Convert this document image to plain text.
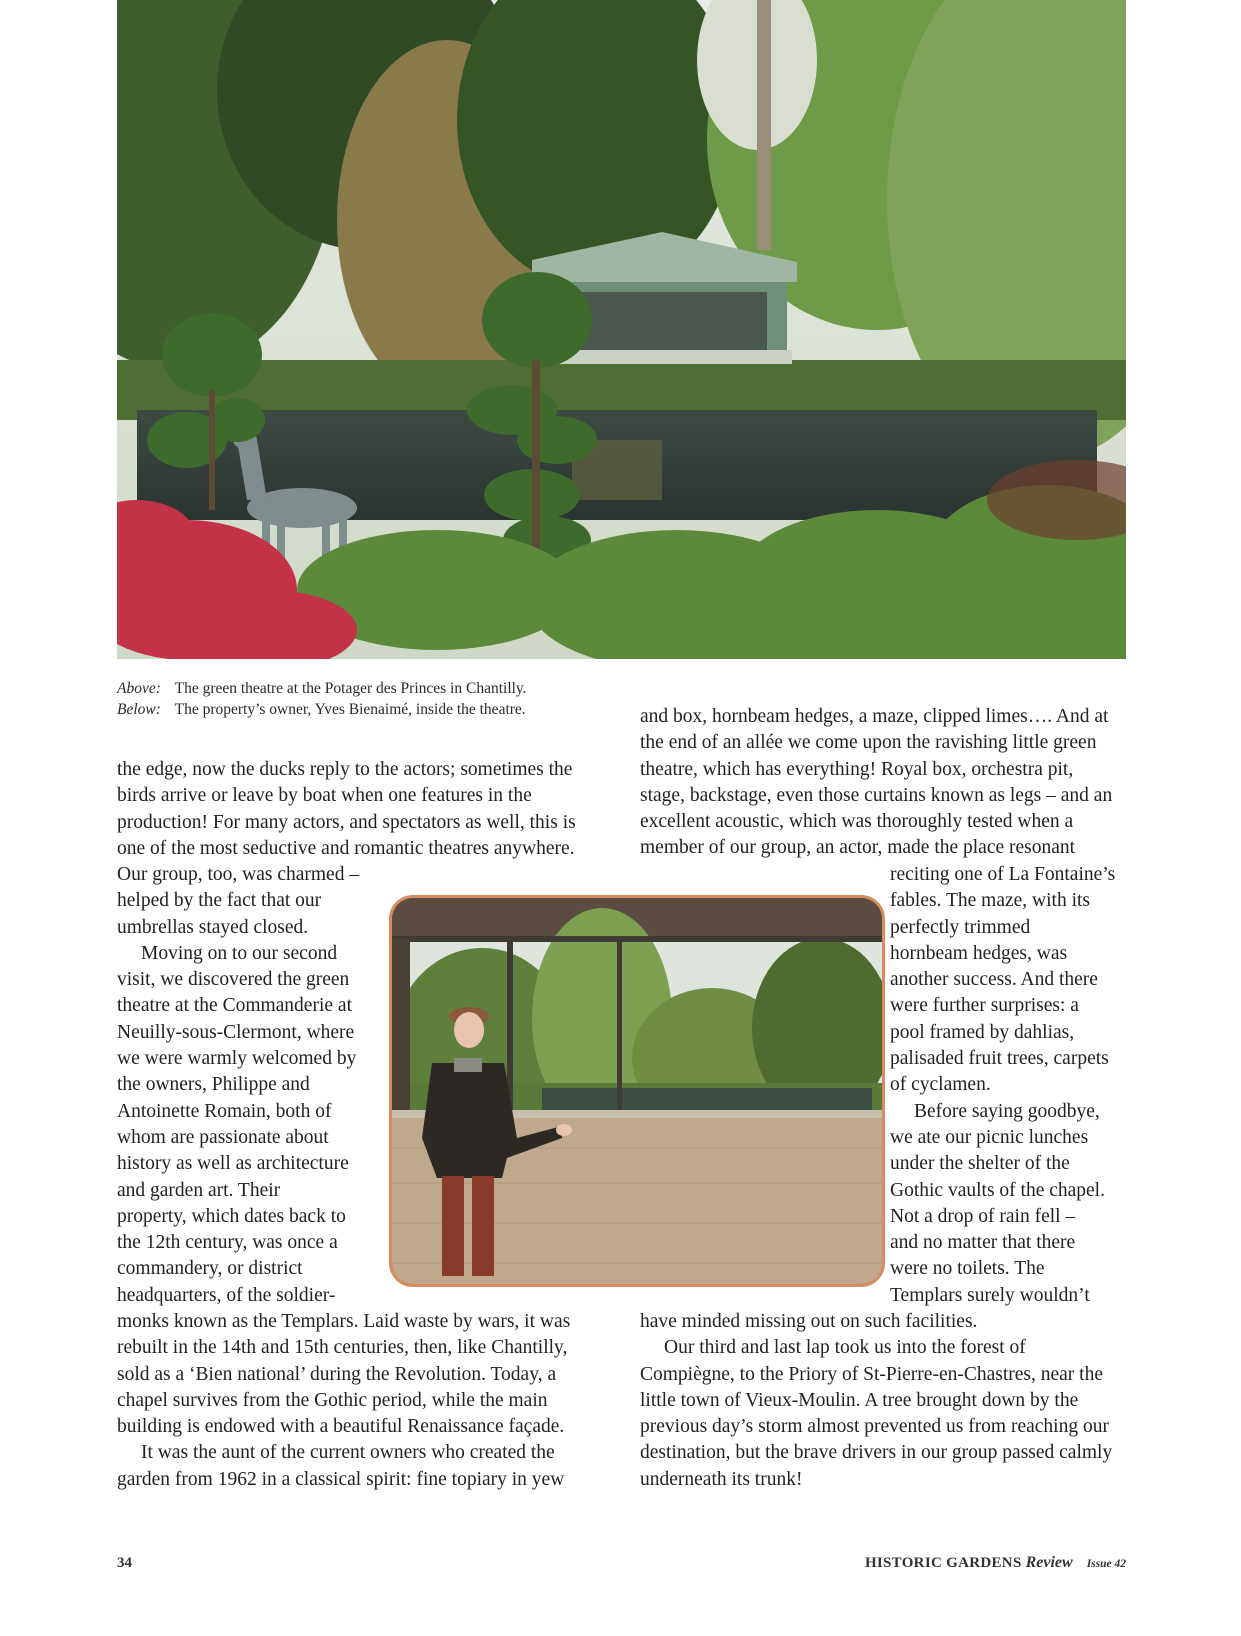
Above: The green theatre at the Potager des Princes in Chantilly.
Below: The property’s owner, Yves Bienaimé, inside the theatre.
the edge, now the ducks reply to the actors; sometimes the
birds arrive or leave by boat when one features in the
production! For many actors, and spectators as well, this is
one of the most seductive and romantic theatres anywhere.
Our group, too, was charmed –
helped by the fact that our
umbrellas stayed closed.
Moving on to our second
visit, we discovered the green
theatre at the Commanderie at
Neuilly-sous-Clermont, where
we were warmly welcomed by
the owners, Philippe and
Antoinette Romain, both of
whom are passionate about
history as well as architecture
and garden art. Their
property, which dates back to
the 12th century, was once a
commandery, or district
headquarters, of the soldier-
monks known as the Templars. Laid waste by wars, it was
rebuilt in the 14th and 15th centuries, then, like Chantilly,
sold as a ‘Bien national’ during the Revolution. Today, a
chapel survives from the Gothic period, while the main
building is endowed with a beautiful Renaissance façade.
It was the aunt of the current owners who created the
garden from 1962 in a classical spirit: fine topiary in yew
and box, hornbeam hedges, a maze, clipped limes…. And at
the end of an allée we come upon the ravishing little green
theatre, which has everything! Royal box, orchestra pit,
stage, backstage, even those curtains known as legs – and an
excellent acoustic, which was thoroughly tested when a
member of our group, an actor, made the place resonant
reciting one of La Fontaine’s
fables. The maze, with its
perfectly trimmed
hornbeam hedges, was
another success. And there
were further surprises: a
pool framed by dahlias,
palisaded fruit trees, carpets
of cyclamen.
Before saying goodbye,
we ate our picnic lunches
under the shelter of the
Gothic vaults of the chapel.
Not a drop of rain fell –
and no matter that there
were no toilets. The
Templars surely wouldn’t
have minded missing out on such facilities.
Our third and last lap took us into the forest of
Compiègne, to the Priory of St-Pierre-en-Chastres, near the
little town of Vieux-Moulin. A tree brought down by the
previous day’s storm almost prevented us from reaching our
destination, but the brave drivers in our group passed calmly
underneath its trunk!
34	HISTORIC GARDENS Review Issue 42
